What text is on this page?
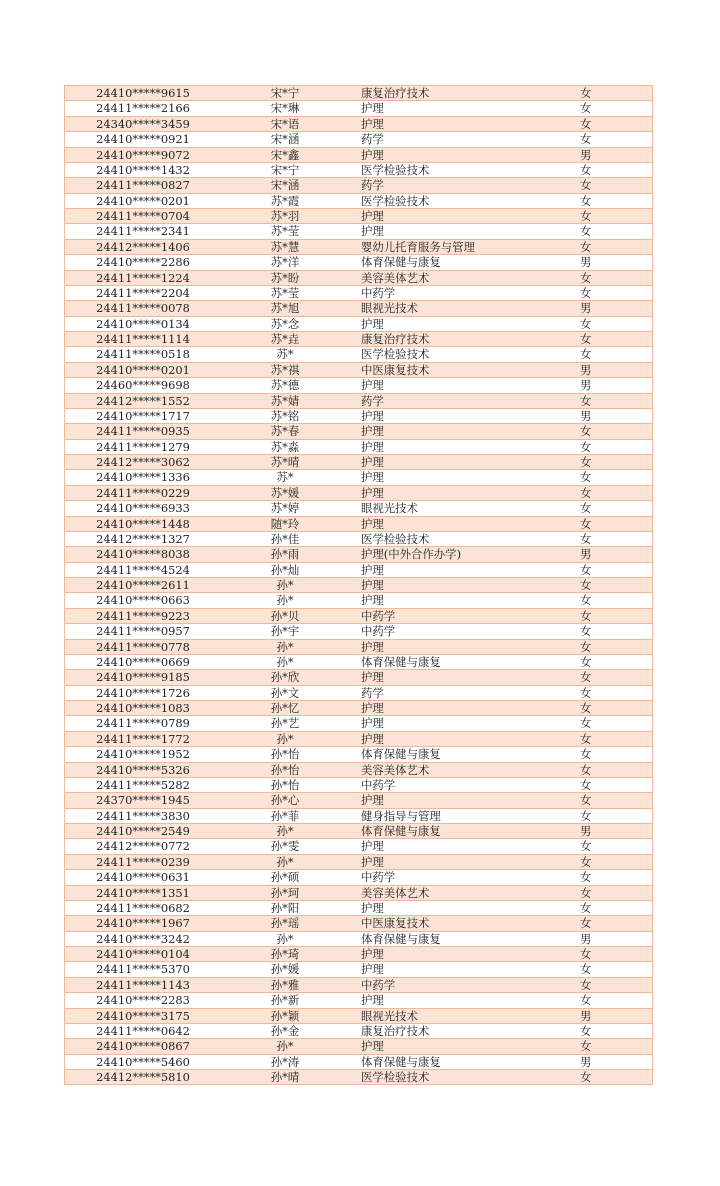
24410*****9615	宋*宁	康复治疗技术	女
24411*****2166	宋*琳	护理	女
24340*****3459	宋*语	护理	女
24410*****0921	宋*涵	药学	女
24410*****9072	宋*鑫	护理	男
24410*****1432	宋*宁	医学检验技术	女
24411*****0827	宋*涵	药学	女
24410*****0201	苏*霞	医学检验技术	女
24411*****0704	苏*羽	护理	女
24411*****2341	苏*莹	护理	女
24412*****1406	苏*慧	婴幼儿托育服务与管理	女
24410*****2286	苏*洋	体育保健与康复	男
24411*****1224	苏*盼	美容美体艺术	女
24411*****2204	苏*莹	中药学	女
24411*****0078	苏*旭	眼视光技术	男
24410*****0134	苏*念	护理	女
24411*****1114	苏*垚	康复治疗技术	女
24411*****0518	苏*	医学检验技术	女
24410*****0201	苏*祺	中医康复技术	男
24460*****9698	苏*德	护理	男
24412*****1552	苏*婧	药学	女
24410*****1717	苏*铭	护理	男
24411*****0935	苏*春	护理	女
24411*****1279	苏*淼	护理	女
24412*****3062	苏*晴	护理	女
24410*****1336	苏*	护理	女
24411*****0229	苏*媛	护理	女
24410*****6933	苏*婷	眼视光技术	女
24410*****1448	随*玲	护理	女
24412*****1327	孙*佳	医学检验技术	女
24410*****8038	孙*雨	护理(中外合作办学)	男
24411*****4524	孙*灿	护理	女
24410*****2611	孙*	护理	女
24410*****0663	孙*	护理	女
24411*****9223	孙*贝	中药学	女
24411*****0957	孙*宇	中药学	女
24411*****0778	孙*	护理	女
24410*****0669	孙*	体育保健与康复	女
24410*****9185	孙*欣	护理	女
24410*****1726	孙*文	药学	女
24410*****1083	孙*忆	护理	女
24411*****0789	孙*艺	护理	女
24411*****1772	孙*	护理	女
24410*****1952	孙*怡	体育保健与康复	女
24410*****5326	孙*怡	美容美体艺术	女
24411*****5282	孙*怡	中药学	女
24370*****1945	孙*心	护理	女
24411*****3830	孙*菲	健身指导与管理	女
24410*****2549	孙*	体育保健与康复	男
24412*****0772	孙*雯	护理	女
24411*****0239	孙*	护理	女
24410*****0631	孙*硕	中药学	女
24410*****1351	孙*珂	美容美体艺术	女
24411*****0682	孙*阳	护理	女
24410*****1967	孙*瑶	中医康复技术	女
24410*****3242	孙*	体育保健与康复	男
24410*****0104	孙*琦	护理	女
24411*****5370	孙*媛	护理	女
24411*****1143	孙*雅	中药学	女
24410*****2283	孙*新	护理	女
24410*****3175	孙*颖	眼视光技术	男
24411*****0642	孙*金	康复治疗技术	女
24410*****0867	孙*	护理	女
24410*****5460	孙*涛	体育保健与康复	男
24412*****5810	孙*晴	医学检验技术	女
